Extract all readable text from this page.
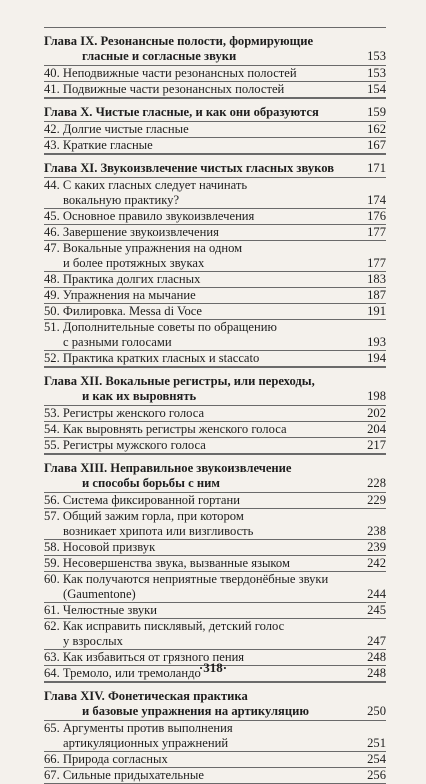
Глава IX. Резонансные полости, формирующие
гласные и согласные звуки	153
40. Неподвижные части резонансных полостей	153
41. Подвижные части резонансных полостей	154
Глава X. Чистые гласные, и как они образуются	159
42. Долгие чистые гласные	162
43. Краткие гласные	167
Глава XI. Звукоизвлечение чистых гласных звуков	171
44. С каких гласных следует начинать
вокальную практику?	174
45. Основное правило звукоизвлечения	176
46. Завершение звукоизвлечения	177
47. Вокальные упражнения на одном
и более протяжных звуках	177
48. Практика долгих гласных	183
49. Упражнения на мычание	187
50. Филировка. Messa di Voce	191
51. Дополнительные советы по обращению
с разными голосами	193
52. Практика кратких гласных и staccato	194
Глава XII. Вокальные регистры, или переходы,
и как их выровнять	198
53. Регистры женского голоса	202
54. Как выровнять регистры женского голоса	204
55. Регистры мужского голоса	217
Глава XIII. Неправильное звукоизвлечение
и способы борьбы с ним	228
56. Система фиксированной гортани	229
57. Общий зажим горла, при котором
возникает хрипота или визгливость	238
58. Носовой призвук	239
59. Несовершенства звука, вызванные языком	242
60. Как получаются неприятные твердонёбные звуки
(Gaumentone)	244
61. Челюстные звуки	245
62. Как исправить писклявый, детский голос
у взрослых	247
63. Как избавиться от грязного пения	248
64. Тремоло, или тремоландо	248
Глава XIV. Фонетическая практика
и базовые упражнения на артикуляцию	250
65. Аргументы против выполнения
артикуляционных упражнений	251
66. Природа согласных	254
67. Сильные придыхательные	256
·318·
